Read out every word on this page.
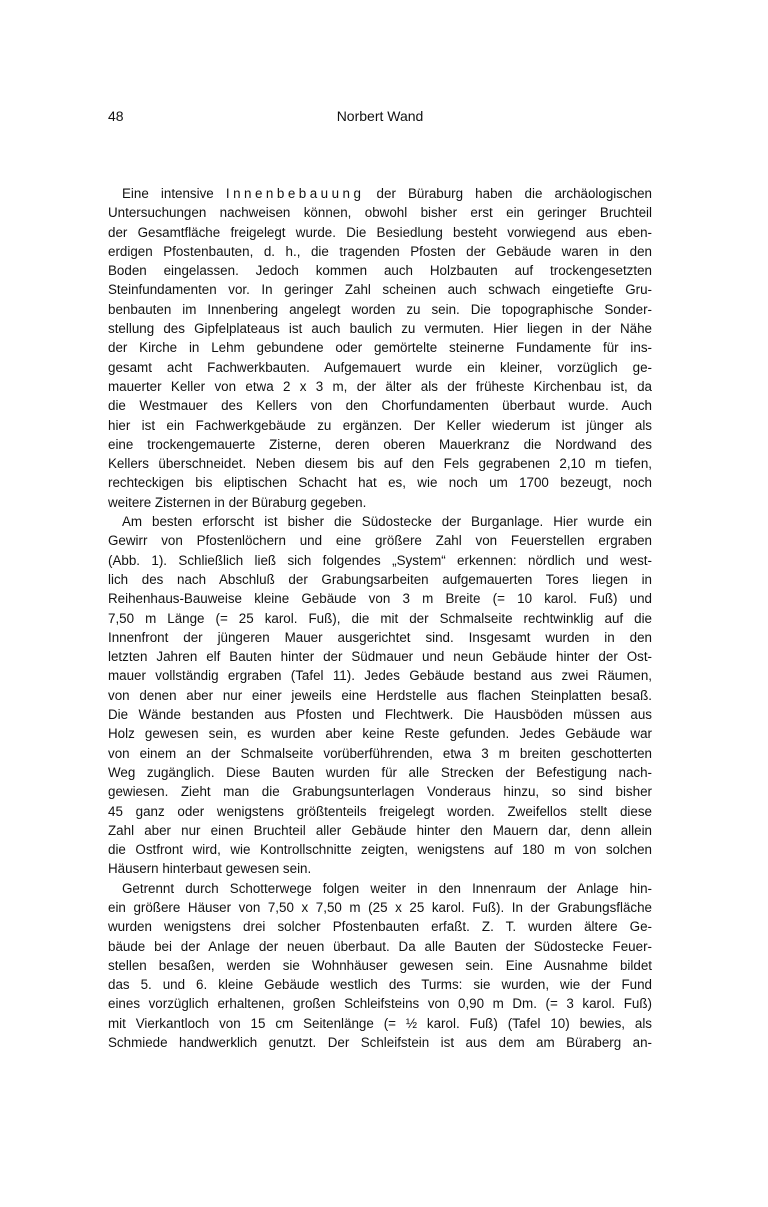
48	Norbert Wand
Eine intensive Innenbebauung der Büraburg haben die archäologischen
Untersuchungen nachweisen können, obwohl bisher erst ein geringer Bruchteil
der Gesamtfläche freigelegt wurde. Die Besiedlung besteht vorwiegend aus eben-
erdigen Pfostenbauten, d. h., die tragenden Pfosten der Gebäude waren in den
Boden eingelassen. Jedoch kommen auch Holzbauten auf trockengesetzten
Steinfundamenten vor. In geringer Zahl scheinen auch schwach eingetiefte Gru-
benbauten im Innenbering angelegt worden zu sein. Die topographische Sonder-
stellung des Gipfelplateaus ist auch baulich zu vermuten. Hier liegen in der Nähe
der Kirche in Lehm gebundene oder gemörtelte steinerne Fundamente für ins-
gesamt acht Fachwerkbauten. Aufgemauert wurde ein kleiner, vorzüglich ge-
mauerter Keller von etwa 2 x 3 m, der älter als der früheste Kirchenbau ist, da
die Westmauer des Kellers von den Chorfundamenten überbaut wurde. Auch
hier ist ein Fachwerkgebäude zu ergänzen. Der Keller wiederum ist jünger als
eine trockengemauerte Zisterne, deren oberen Mauerkranz die Nordwand des
Kellers überschneidet. Neben diesem bis auf den Fels gegrabenen 2,10 m tiefen,
rechteckigen bis eliptischen Schacht hat es, wie noch um 1700 bezeugt, noch
weitere Zisternen in der Büraburg gegeben.
Am besten erforscht ist bisher die Südostecke der Burganlage. Hier wurde ein
Gewirr von Pfostenlöchern und eine größere Zahl von Feuerstellen ergraben
(Abb. 1). Schließlich ließ sich folgendes „System“ erkennen: nördlich und west-
lich des nach Abschluß der Grabungsarbeiten aufgemauerten Tores liegen in
Reihenhaus-Bauweise kleine Gebäude von 3 m Breite (= 10 karol. Fuß) und
7,50 m Länge (= 25 karol. Fuß), die mit der Schmalseite rechtwinklig auf die
Innenfront der jüngeren Mauer ausgerichtet sind. Insgesamt wurden in den
letzten Jahren elf Bauten hinter der Südmauer und neun Gebäude hinter der Ost-
mauer vollständig ergraben (Tafel 11). Jedes Gebäude bestand aus zwei Räumen,
von denen aber nur einer jeweils eine Herdstelle aus flachen Steinplatten besaß.
Die Wände bestanden aus Pfosten und Flechtwerk. Die Hausböden müssen aus
Holz gewesen sein, es wurden aber keine Reste gefunden. Jedes Gebäude war
von einem an der Schmalseite vorüberführenden, etwa 3 m breiten geschotterten
Weg zugänglich. Diese Bauten wurden für alle Strecken der Befestigung nach-
gewiesen. Zieht man die Grabungsunterlagen Vonderaus hinzu, so sind bisher
45 ganz oder wenigstens größtenteils freigelegt worden. Zweifellos stellt diese
Zahl aber nur einen Bruchteil aller Gebäude hinter den Mauern dar, denn allein
die Ostfront wird, wie Kontrollschnitte zeigten, wenigstens auf 180 m von solchen
Häusern hinterbaut gewesen sein.
Getrennt durch Schotterwege folgen weiter in den Innenraum der Anlage hin-
ein größere Häuser von 7,50 x 7,50 m (25 x 25 karol. Fuß). In der Grabungsfläche
wurden wenigstens drei solcher Pfostenbauten erfaßt. Z. T. wurden ältere Ge-
bäude bei der Anlage der neuen überbaut. Da alle Bauten der Südostecke Feuer-
stellen besaßen, werden sie Wohnhäuser gewesen sein. Eine Ausnahme bildet
das 5. und 6. kleine Gebäude westlich des Turms: sie wurden, wie der Fund
eines vorzüglich erhaltenen, großen Schleifsteins von 0,90 m Dm. (= 3 karol. Fuß)
mit Vierkantloch von 15 cm Seitenlänge (= ½ karol. Fuß) (Tafel 10) bewies, als
Schmiede handwerklich genutzt. Der Schleifstein ist aus dem am Büraberg an-
